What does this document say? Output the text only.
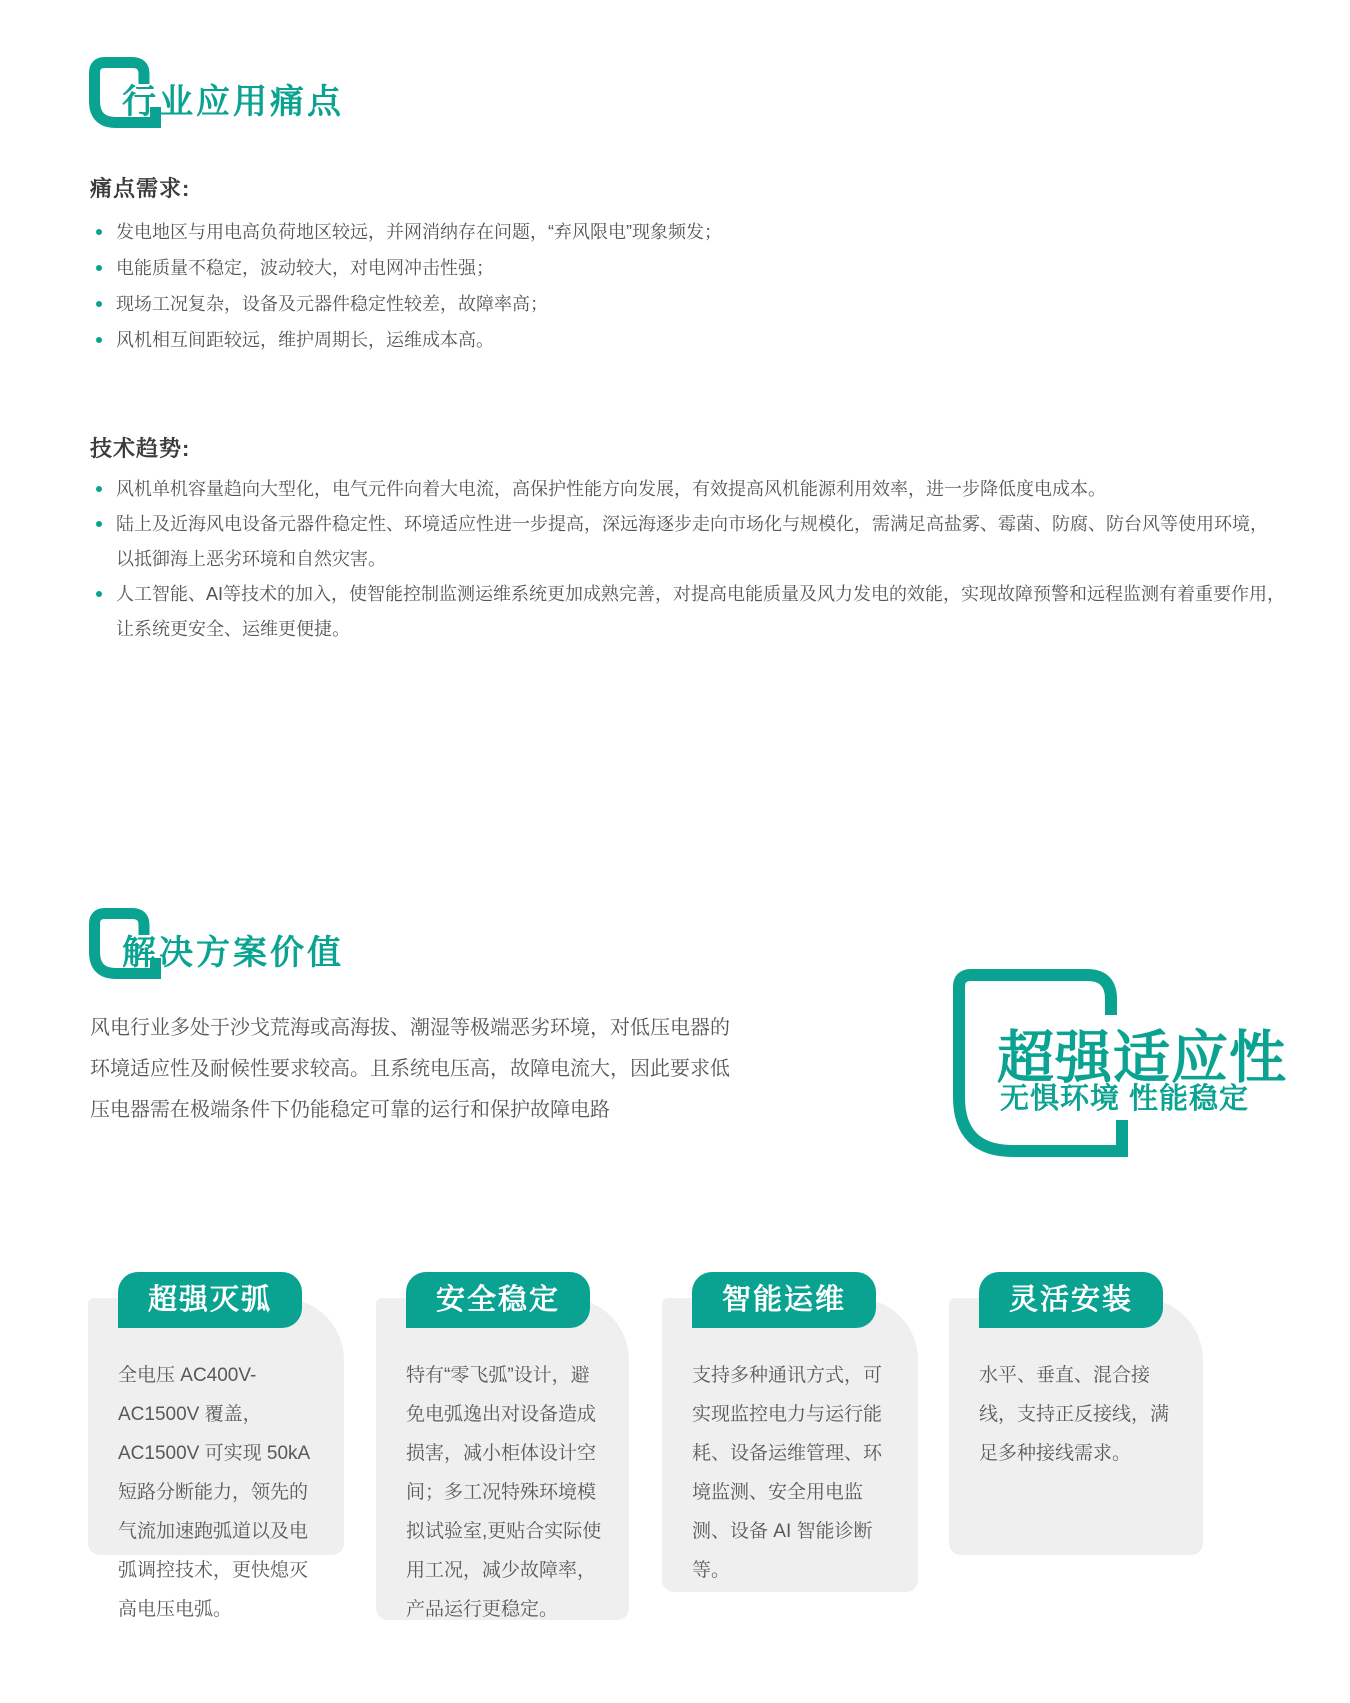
行业应用痛点
痛点需求:
发电地区与用电高负荷地区较远，并网消纳存在问题，“弃风限电”现象频发；
电能质量不稳定，波动较大，对电网冲击性强；
现场工况复杂，设备及元器件稳定性较差，故障率高；
风机相互间距较远，维护周期长，运维成本高。
技术趋势:
风机单机容量趋向大型化，电气元件向着大电流，高保护性能方向发展，有效提高风机能源利用效率，进一步降低度电成本。
陆上及近海风电设备元器件稳定性、环境适应性进一步提高，深远海逐步走向市场化与规模化，需满足高盐雾、霉菌、防腐、防台风等使用环境，以抵御海上恶劣环境和自然灾害。
人工智能、AI等技术的加入，使智能控制监测运维系统更加成熟完善，对提高电能质量及风力发电的效能，实现故障预警和远程监测有着重要作用，让系统更安全、运维更便捷。
解决方案价值
风电行业多处于沙戈荒海或高海拔、潮湿等极端恶劣环境，对低压电器的环境适应性及耐候性要求较高。且系统电压高，故障电流大，因此要求低压电器需在极端条件下仍能稳定可靠的运行和保护故障电路
超强适应性
无惧环境 性能稳定
超强灭弧
全电压 AC400V-AC1500V 覆盖，AC1500V 可实现 50kA 短路分断能力，领先的气流加速跑弧道以及电弧调控技术，更快熄灭高电压电弧。
安全稳定
特有“零飞弧”设计，避免电弧逸出对设备造成损害，减小柜体设计空间；多工况特殊环境模拟试验室,更贴合实际使用工况，减少故障率，产品运行更稳定。
智能运维
支持多种通讯方式，可实现监控电力与运行能耗、设备运维管理、环境监测、安全用电监测、设备 AI 智能诊断等。
灵活安装
水平、垂直、混合接线，支持正反接线，满足多种接线需求。
